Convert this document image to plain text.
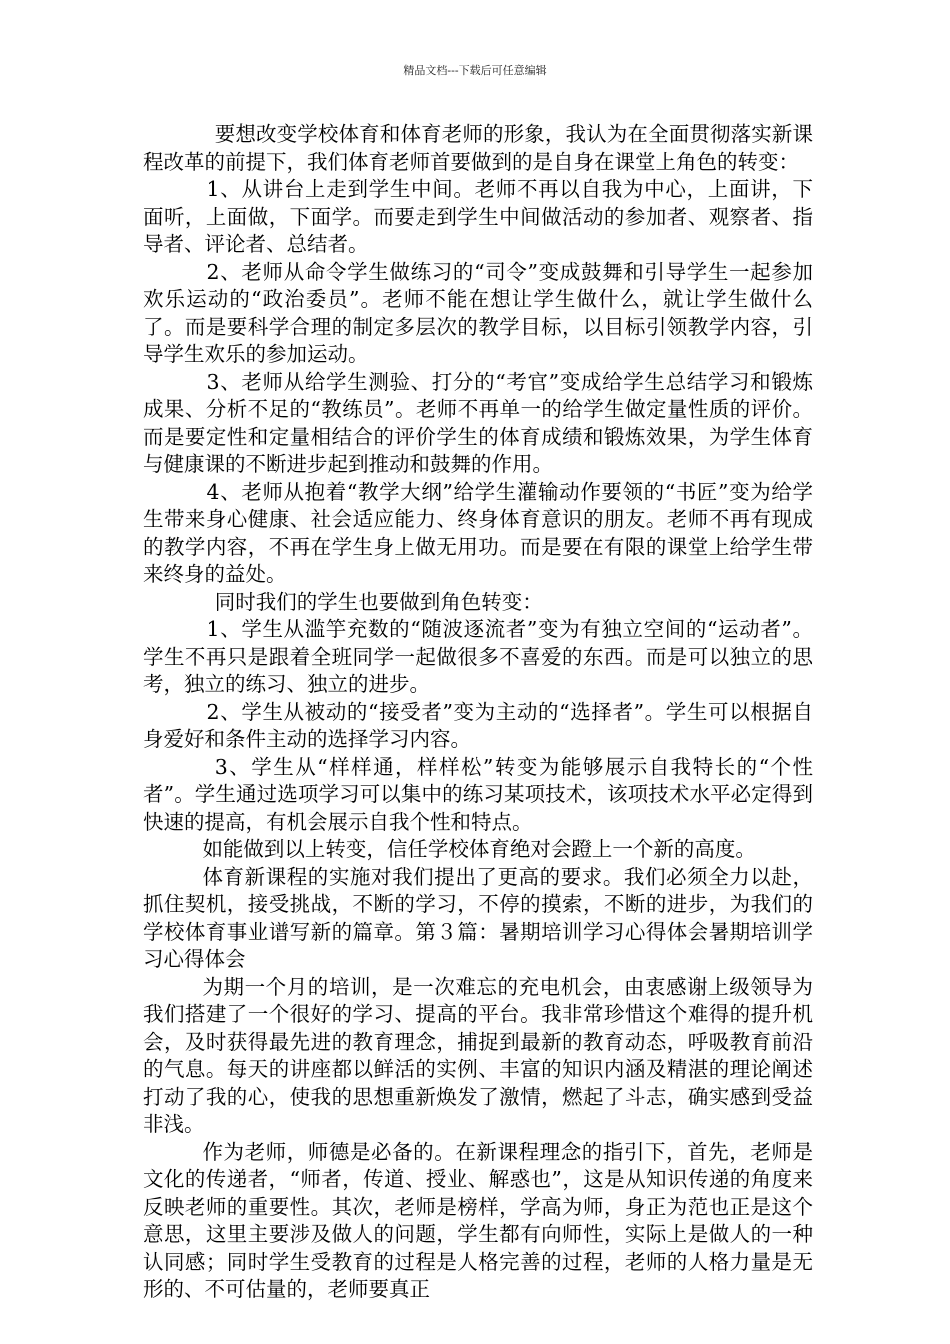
精品文档---下载后可任意编辑

要想改变学校体育和体育老师的形象，我认为在全面贯彻落实新课程改革的前提下，我们体育老师首要做到的是自身在课堂上角色的转变：

1、从讲台上走到学生中间。老师不再以自我为中心，上面讲，下面听，上面做，下面学。而要走到学生中间做活动的参加者、观察者、指导者、评论者、总结者。

2、老师从命令学生做练习的“司令”变成鼓舞和引导学生一起参加欢乐运动的“政治委员”。老师不能在想让学生做什么，就让学生做什么了。而是要科学合理的制定多层次的教学目标，以目标引领教学内容，引导学生欢乐的参加运动。

3、老师从给学生测验、打分的“考官”变成给学生总结学习和锻炼成果、分析不足的“教练员”。老师不再单一的给学生做定量性质的评价。而是要定性和定量相结合的评价学生的体育成绩和锻炼效果，为学生体育与健康课的不断进步起到推动和鼓舞的作用。

4、老师从抱着“教学大纲”给学生灌输动作要领的“书匠”变为给学生带来身心健康、社会适应能力、终身体育意识的朋友。老师不再有现成的教学内容，不再在学生身上做无用功。而是要在有限的课堂上给学生带来终身的益处。

同时我们的学生也要做到角色转变：

1、学生从滥竽充数的“随波逐流者”变为有独立空间的“运动者”。学生不再只是跟着全班同学一起做很多不喜爱的东西。而是可以独立的思考，独立的练习、独立的进步。

2、学生从被动的“接受者”变为主动的“选择者”。学生可以根据自身爱好和条件主动的选择学习内容。

3、学生从“样样通，样样松”转变为能够展示自我特长的“个性者”。学生通过选项学习可以集中的练习某项技术，该项技术水平必定得到快速的提高，有机会展示自我个性和特点。

如能做到以上转变，信任学校体育绝对会蹬上一个新的高度。

体育新课程的实施对我们提出了更高的要求。我们必须全力以赴，抓住契机，接受挑战，不断的学习，不停的摸索，不断的进步，为我们的学校体育事业谱写新的篇章。第３篇：暑期培训学习心得体会暑期培训学习心得体会

为期一个月的培训，是一次难忘的充电机会，由衷感谢上级领导为我们搭建了一个很好的学习、提高的平台。我非常珍惜这个难得的提升机会，及时获得最先进的教育理念，捕捉到最新的教育动态，呼吸教育前沿的气息。每天的讲座都以鲜活的实例、丰富的知识内涵及精湛的理论阐述打动了我的心，使我的思想重新焕发了激情，燃起了斗志，确实感到受益非浅。

作为老师，师德是必备的。在新课程理念的指引下，首先，老师是文化的传递者，“师者，传道、授业、解惑也”，这是从知识传递的角度来反映老师的重要性。其次，老师是榜样，学高为师，身正为范也正是这个意思，这里主要涉及做人的问题，学生都有向师性，实际上是做人的一种认同感；同时学生受教育的过程是人格完善的过程，老师的人格力量是无形的、不可估量的，老师要真正
